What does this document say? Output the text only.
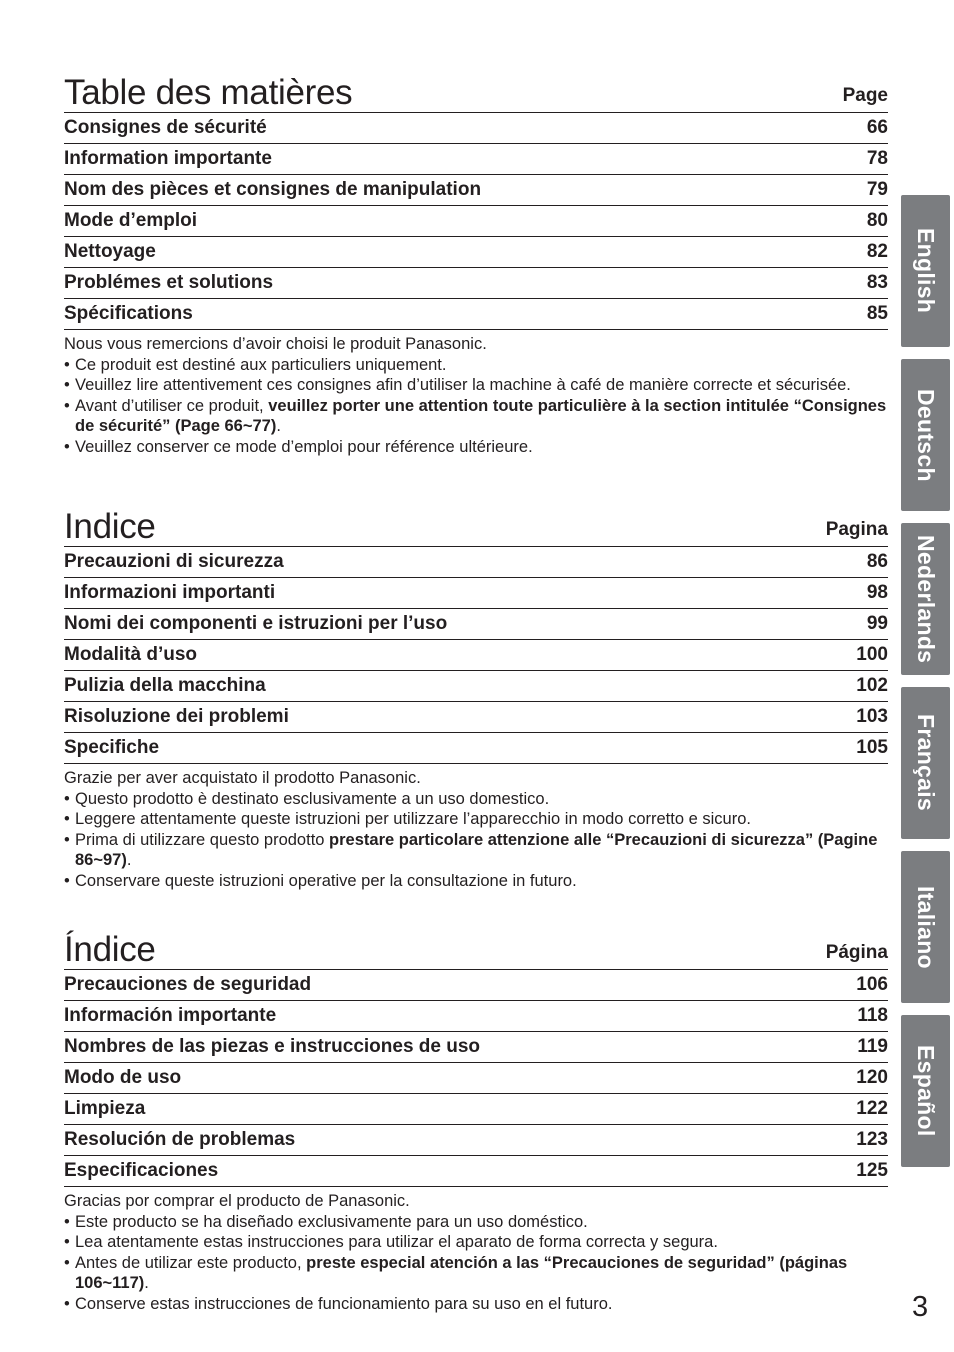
Table des matières	Page
Consignes de sécurité	66
Information importante	78
Nom des pièces et consignes de manipulation	79
Mode d’emploi	80
Nettoyage	82
Problémes et solutions	83
Spécifications	85
Nous vous remercions d’avoir choisi le produit Panasonic.
• Ce produit est destiné aux particuliers uniquement.
• Veuillez lire attentivement ces consignes afin d’utiliser la machine à café de manière correcte et sécurisée.
• Avant d’utiliser ce produit, veuillez porter une attention toute particulière à la section intitulée “Consignes de sécurité” (Page 66~77).
• Veuillez conserver ce mode d’emploi pour référence ultérieure.
Indice	Pagina
Precauzioni di sicurezza	86
Informazioni importanti	98
Nomi dei componenti e istruzioni per l’uso	99
Modalità d’uso	100
Pulizia della macchina	102
Risoluzione dei problemi	103
Specifiche	105
Grazie per aver acquistato il prodotto Panasonic.
• Questo prodotto è destinato esclusivamente a un uso domestico.
• Leggere attentamente queste istruzioni per utilizzare l’apparecchio in modo corretto e sicuro.
• Prima di utilizzare questo prodotto prestare particolare attenzione alle “Precauzioni di sicurezza” (Pagine 86~97).
• Conservare queste istruzioni operative per la consultazione in futuro.
Índice	Página
Precauciones de seguridad	106
Información importante	118
Nombres de las piezas e instrucciones de uso	119
Modo de uso	120
Limpieza	122
Resolución de problemas	123
Especificaciones	125
Gracias por comprar el producto de Panasonic.
• Este producto se ha diseñado exclusivamente para un uso doméstico.
• Lea atentamente estas instrucciones para utilizar el aparato de forma correcta y segura.
• Antes de utilizar este producto, preste especial atención a las “Precauciones de seguridad” (páginas 106~117).
• Conserve estas instrucciones de funcionamiento para su uso en el futuro.
English
Deutsch
Nederlands
Français
Italiano
Español
3
